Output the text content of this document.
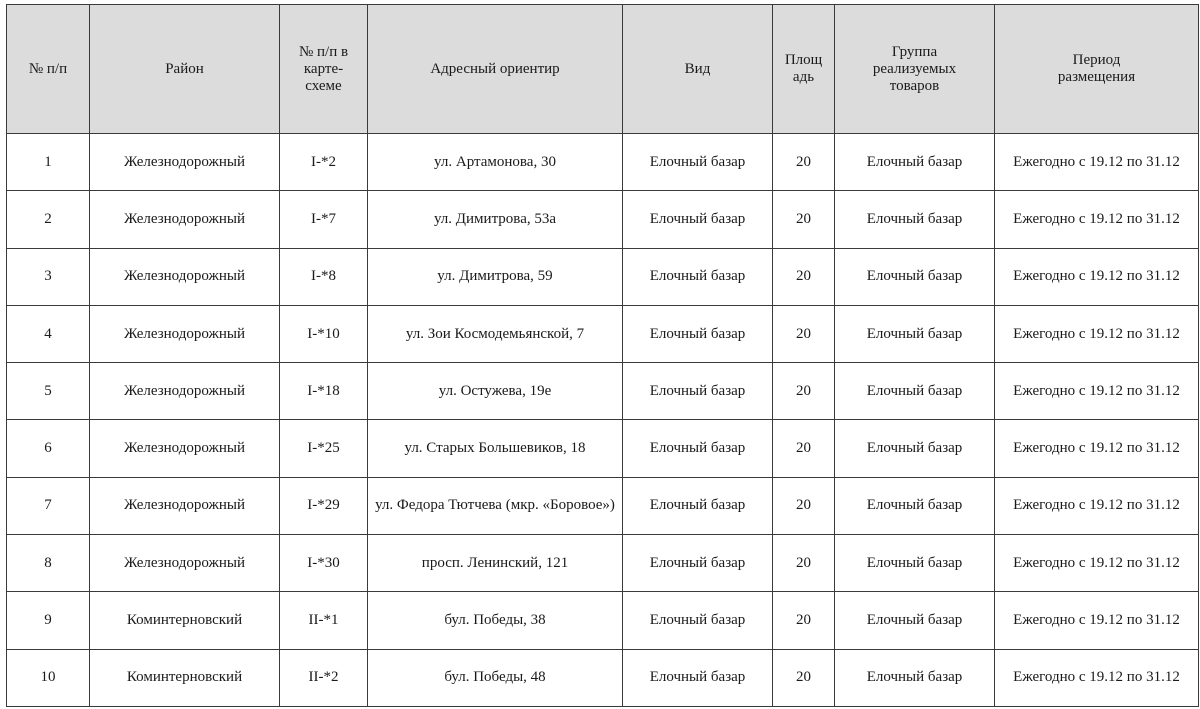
№ п/п	Район	№ п/п в
карте-
схеме	Адресный ориентир	Вид	Площ
адь	Группа
реализуемых
товаров	Период
размещения
1	Железнодорожный	I-*2	ул. Артамонова, 30	Елочный базар	20	Елочный базар	Ежегодно с 19.12 по 31.12
2	Железнодорожный	I-*7	ул. Димитрова, 53а	Елочный базар	20	Елочный базар	Ежегодно с 19.12 по 31.12
3	Железнодорожный	I-*8	ул. Димитрова, 59	Елочный базар	20	Елочный базар	Ежегодно с 19.12 по 31.12
4	Железнодорожный	I-*10	ул. Зои Космодемьянской, 7	Елочный базар	20	Елочный базар	Ежегодно с 19.12 по 31.12
5	Железнодорожный	I-*18	ул. Остужева, 19е	Елочный базар	20	Елочный базар	Ежегодно с 19.12 по 31.12
6	Железнодорожный	I-*25	ул. Старых Большевиков, 18	Елочный базар	20	Елочный базар	Ежегодно с 19.12 по 31.12
7	Железнодорожный	I-*29	ул. Федора Тютчева (мкр. «Боровое»)	Елочный базар	20	Елочный базар	Ежегодно с 19.12 по 31.12
8	Железнодорожный	I-*30	просп. Ленинский, 121	Елочный базар	20	Елочный базар	Ежегодно с 19.12 по 31.12
9	Коминтерновский	II-*1	бул. Победы, 38	Елочный базар	20	Елочный базар	Ежегодно с 19.12 по 31.12
10	Коминтерновский	II-*2	бул. Победы, 48	Елочный базар	20	Елочный базар	Ежегодно с 19.12 по 31.12
